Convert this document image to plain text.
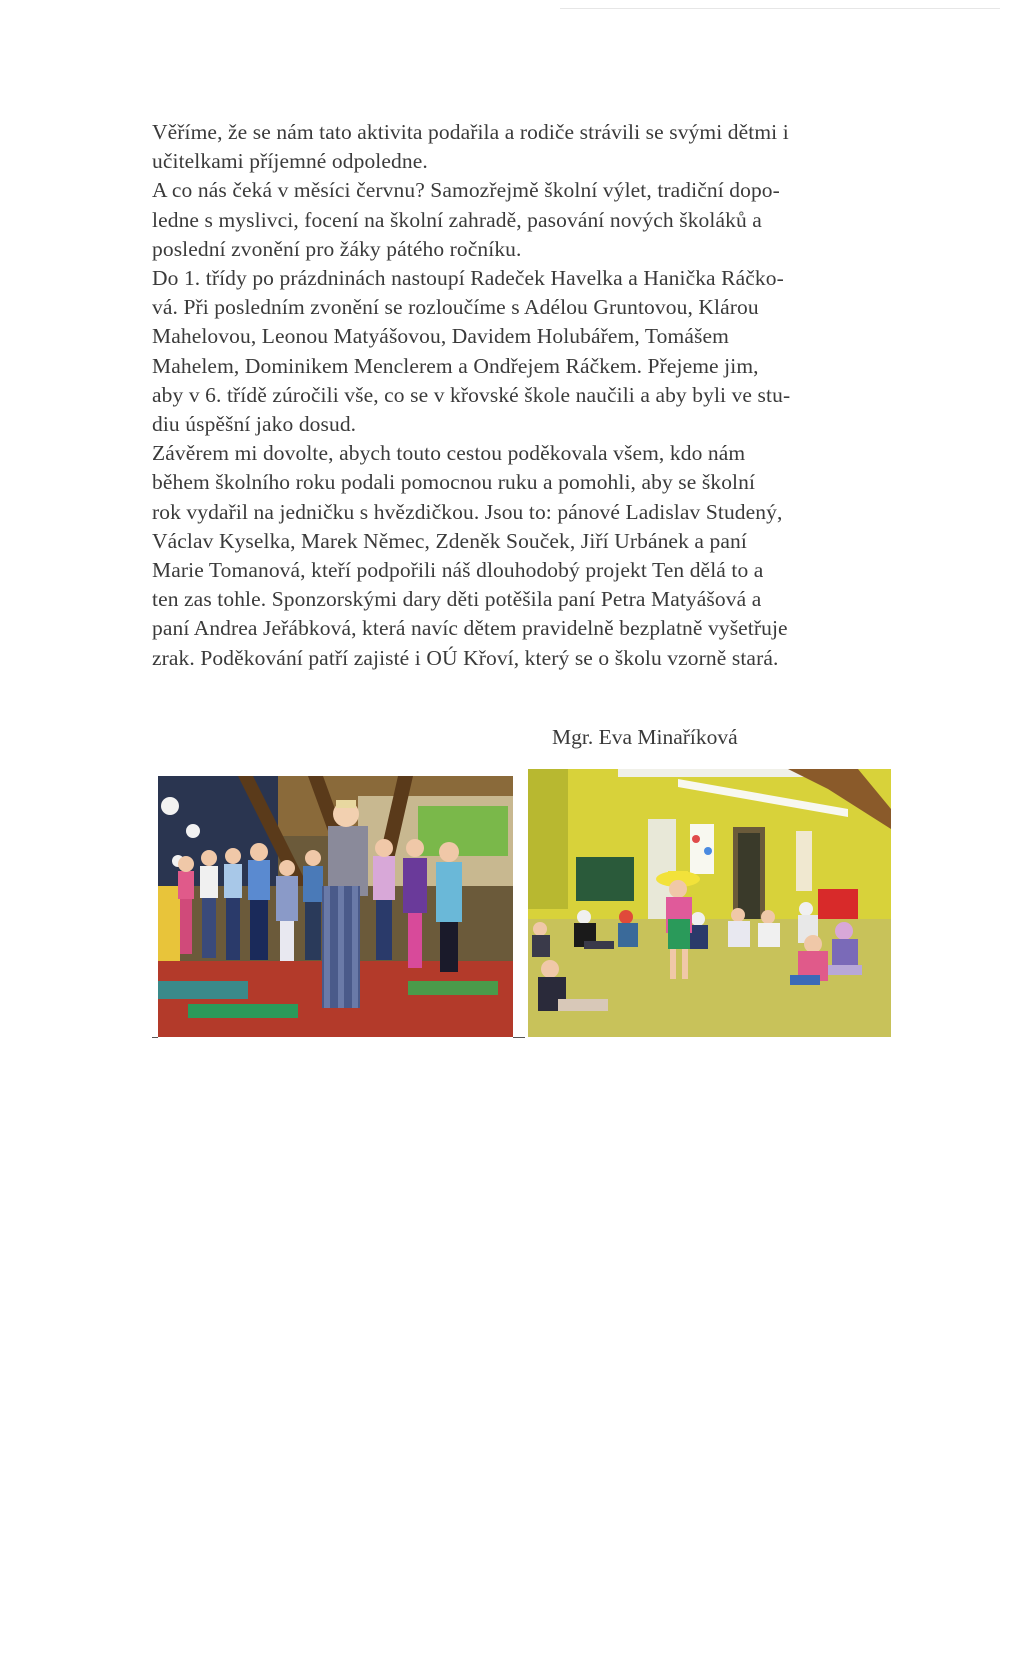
Věříme, že se nám tato aktivita podařila a rodiče strávili se svými dětmi i
učitelkami příjemné odpoledne.
A co nás čeká v měsíci červnu? Samozřejmě školní výlet, tradiční dopo-
ledne s myslivci, focení na školní zahradě, pasování nových školáků a
poslední zvonění pro žáky pátého ročníku.
Do 1. třídy po prázdninách nastoupí Radeček Havelka a Hanička Ráčko-
vá. Při posledním zvonění se rozloučíme s Adélou Gruntovou, Klárou
Mahelovou, Leonou Matyášovou, Davidem Holubářem, Tomášem
Mahelem, Dominikem Menclerem a Ondřejem Ráčkem. Přejeme jim,
aby v 6. třídě zúročili vše, co se v křovské škole naučili a aby byli ve stu-
diu úspěšní jako dosud.
Závěrem mi dovolte, abych touto cestou poděkovala všem, kdo nám
během školního roku podali pomocnou ruku a pomohli, aby se školní
rok vydařil na jedničku s hvězdičkou. Jsou to: pánové Ladislav Studený,
Václav Kyselka, Marek Němec, Zdeněk Souček, Jiří Urbánek a paní
Marie Tomanová, kteří podpořili náš dlouhodobý projekt Ten dělá to a
ten zas tohle. Sponzorskými dary děti potěšila paní Petra Matyášová a
paní Andrea Jeřábková, která navíc dětem pravidelně bezplatně vyšetřuje
zrak. Poděkování patří zajisté i OÚ Křoví, který se o školu vzorně stará.
Mgr. Eva Minaříková
